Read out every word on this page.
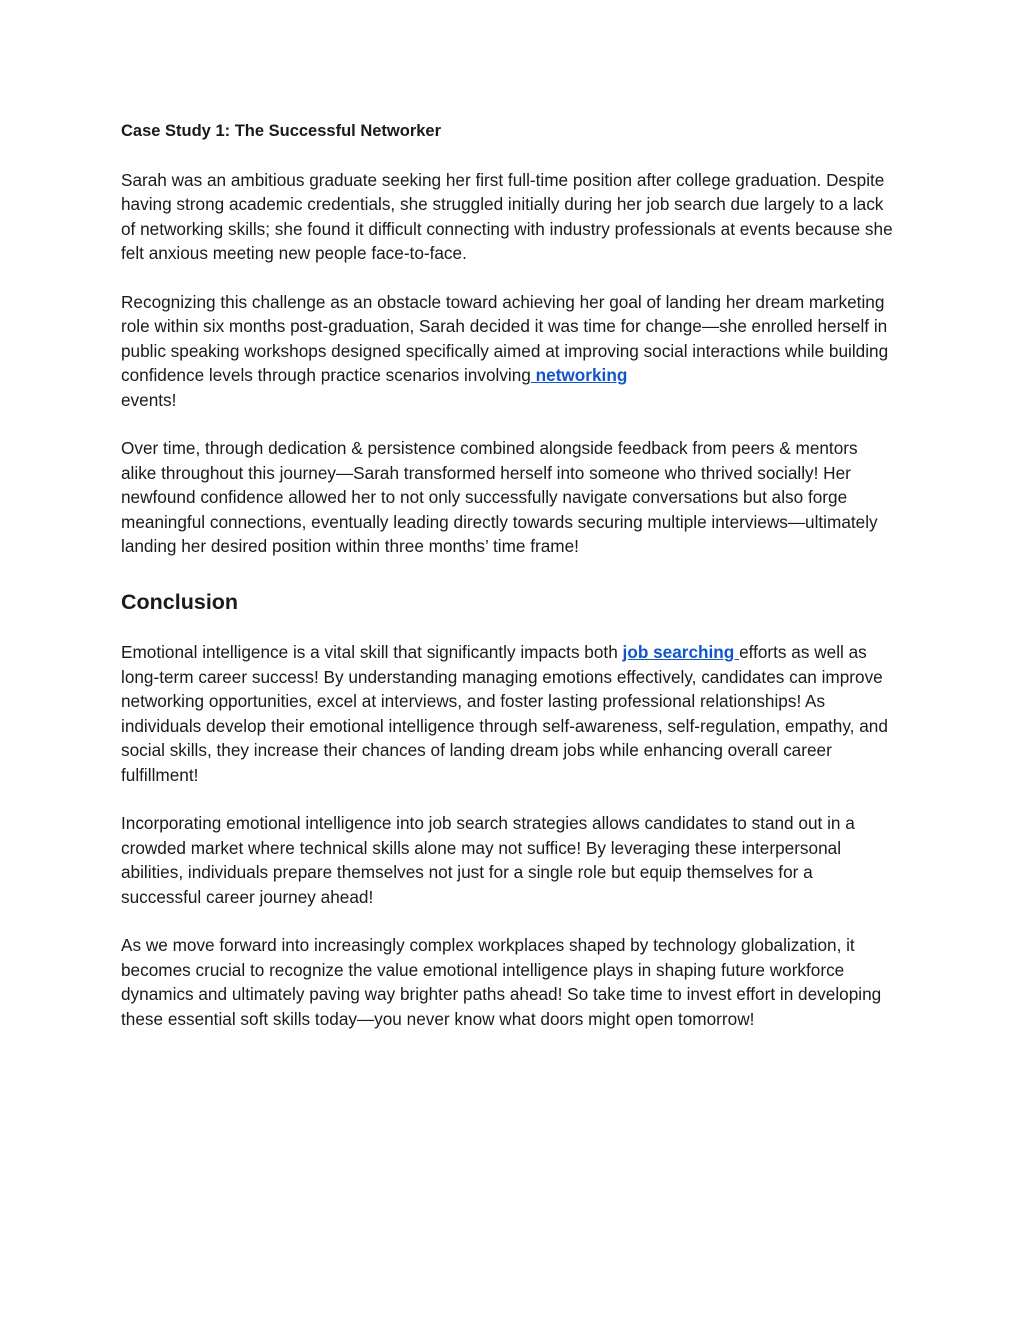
Case Study 1: The Successful Networker

Sarah was an ambitious graduate seeking her first full-time position after college graduation. Despite having strong academic credentials, she struggled initially during her job search due largely to a lack of networking skills; she found it difficult connecting with industry professionals at events because she felt anxious meeting new people face-to-face.

Recognizing this challenge as an obstacle toward achieving her goal of landing her dream marketing role within six months post-graduation, Sarah decided it was time for change—she enrolled herself in public speaking workshops designed specifically aimed at improving social interactions while building confidence levels through practice scenarios involving networking
events!

Over time, through dedication & persistence combined alongside feedback from peers & mentors alike throughout this journey—Sarah transformed herself into someone who thrived socially! Her newfound confidence allowed her to not only successfully navigate conversations but also forge meaningful connections, eventually leading directly towards securing multiple interviews—ultimately landing her desired position within three months’ time frame!

Conclusion

Emotional intelligence is a vital skill that significantly impacts both job searching efforts as well as long-term career success! By understanding managing emotions effectively, candidates can improve networking opportunities, excel at interviews, and foster lasting professional relationships! As individuals develop their emotional intelligence through self-awareness, self-regulation, empathy, and social skills, they increase their chances of landing dream jobs while enhancing overall career fulfillment!

Incorporating emotional intelligence into job search strategies allows candidates to stand out in a crowded market where technical skills alone may not suffice! By leveraging these interpersonal abilities, individuals prepare themselves not just for a single role but equip themselves for a successful career journey ahead!

As we move forward into increasingly complex workplaces shaped by technology globalization, it becomes crucial to recognize the value emotional intelligence plays in shaping future workforce dynamics and ultimately paving way brighter paths ahead! So take time to invest effort in developing these essential soft skills today—you never know what doors might open tomorrow!
